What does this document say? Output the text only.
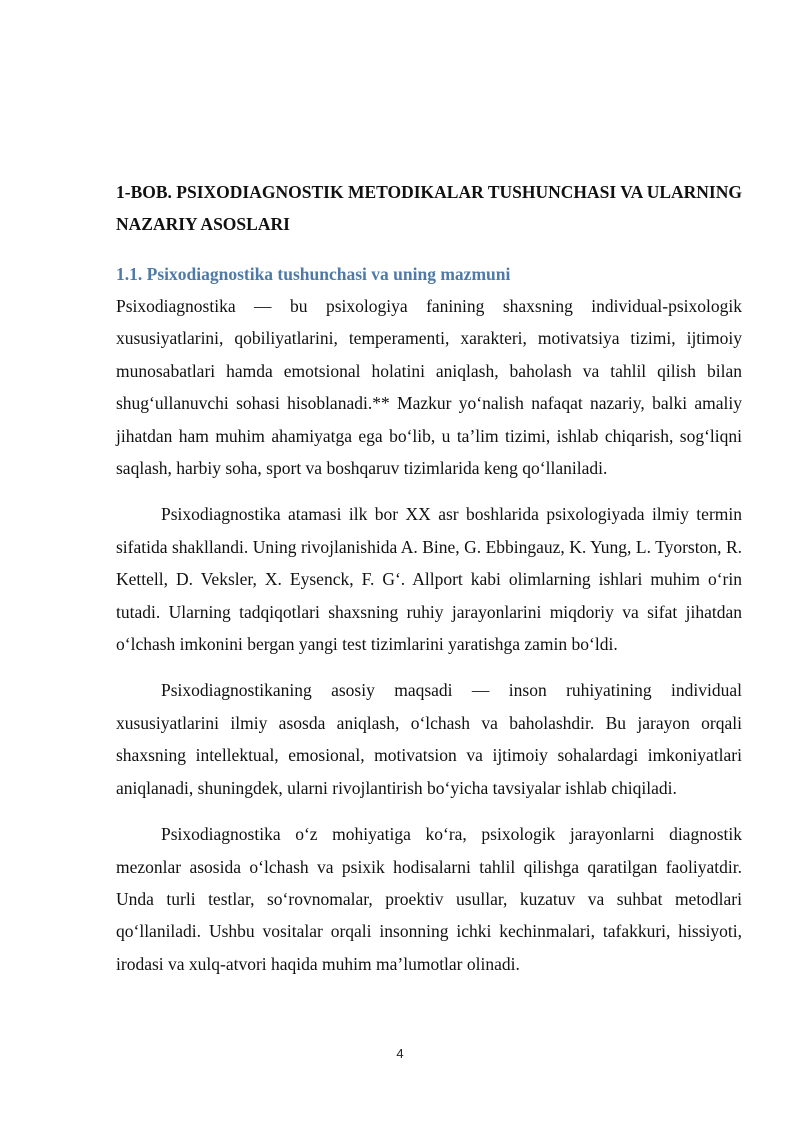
1-BOB. PSIXODIAGNOSTIK METODIKALAR TUSHUNCHASI VA ULARNING NAZARIY ASOSLARI
1.1. Psixodiagnostika tushunchasi va uning mazmuni

Psixodiagnostika — bu psixologiya fanining shaxsning individual-psixologik xususiyatlarini, qobiliyatlarini, temperamenti, xarakteri, motivatsiya tizimi, ijtimoiy munosabatlari hamda emotsional holatini aniqlash, baholash va tahlil qilish bilan shug‘ullanuvchi sohasi hisoblanadi.** Mazkur yo‘nalish nafaqat nazariy, balki amaliy jihatdan ham muhim ahamiyatga ega bo‘lib, u ta’lim tizimi, ishlab chiqarish, sog‘liqni saqlash, harbiy soha, sport va boshqaruv tizimlarida keng qo‘llaniladi.

Psixodiagnostika atamasi ilk bor XX asr boshlarida psixologiyada ilmiy termin sifatida shakllandi. Uning rivojlanishida A. Bine, G. Ebbingauz, K. Yung, L. Tyorston, R. Kettell, D. Veksler, X. Eysenck, F. G‘. Allport kabi olimlarning ishlari muhim o‘rin tutadi. Ularning tadqiqotlari shaxsning ruhiy jarayonlarini miqdoriy va sifat jihatdan o‘lchash imkonini bergan yangi test tizimlarini yaratishga zamin bo‘ldi.

Psixodiagnostikaning asosiy maqsadi — inson ruhiyatining individual xususiyatlarini ilmiy asosda aniqlash, o‘lchash va baholashdir. Bu jarayon orqali shaxsning intellektual, emosional, motivatsion va ijtimoiy sohalardagi imkoniyatlari aniqlanadi, shuningdek, ularni rivojlantirish bo‘yicha tavsiyalar ishlab chiqiladi.

Psixodiagnostika o‘z mohiyatiga ko‘ra, psixologik jarayonlarni diagnostik mezonlar asosida o‘lchash va psixik hodisalarni tahlil qilishga qaratilgan faoliyatdir. Unda turli testlar, so‘rovnomalar, proektiv usullar, kuzatuv va suhbat metodlari qo‘llaniladi. Ushbu vositalar orqali insonning ichki kechinmalari, tafakkuri, hissiyoti, irodasi va xulq-atvori haqida muhim ma’lumotlar olinadi.

4
